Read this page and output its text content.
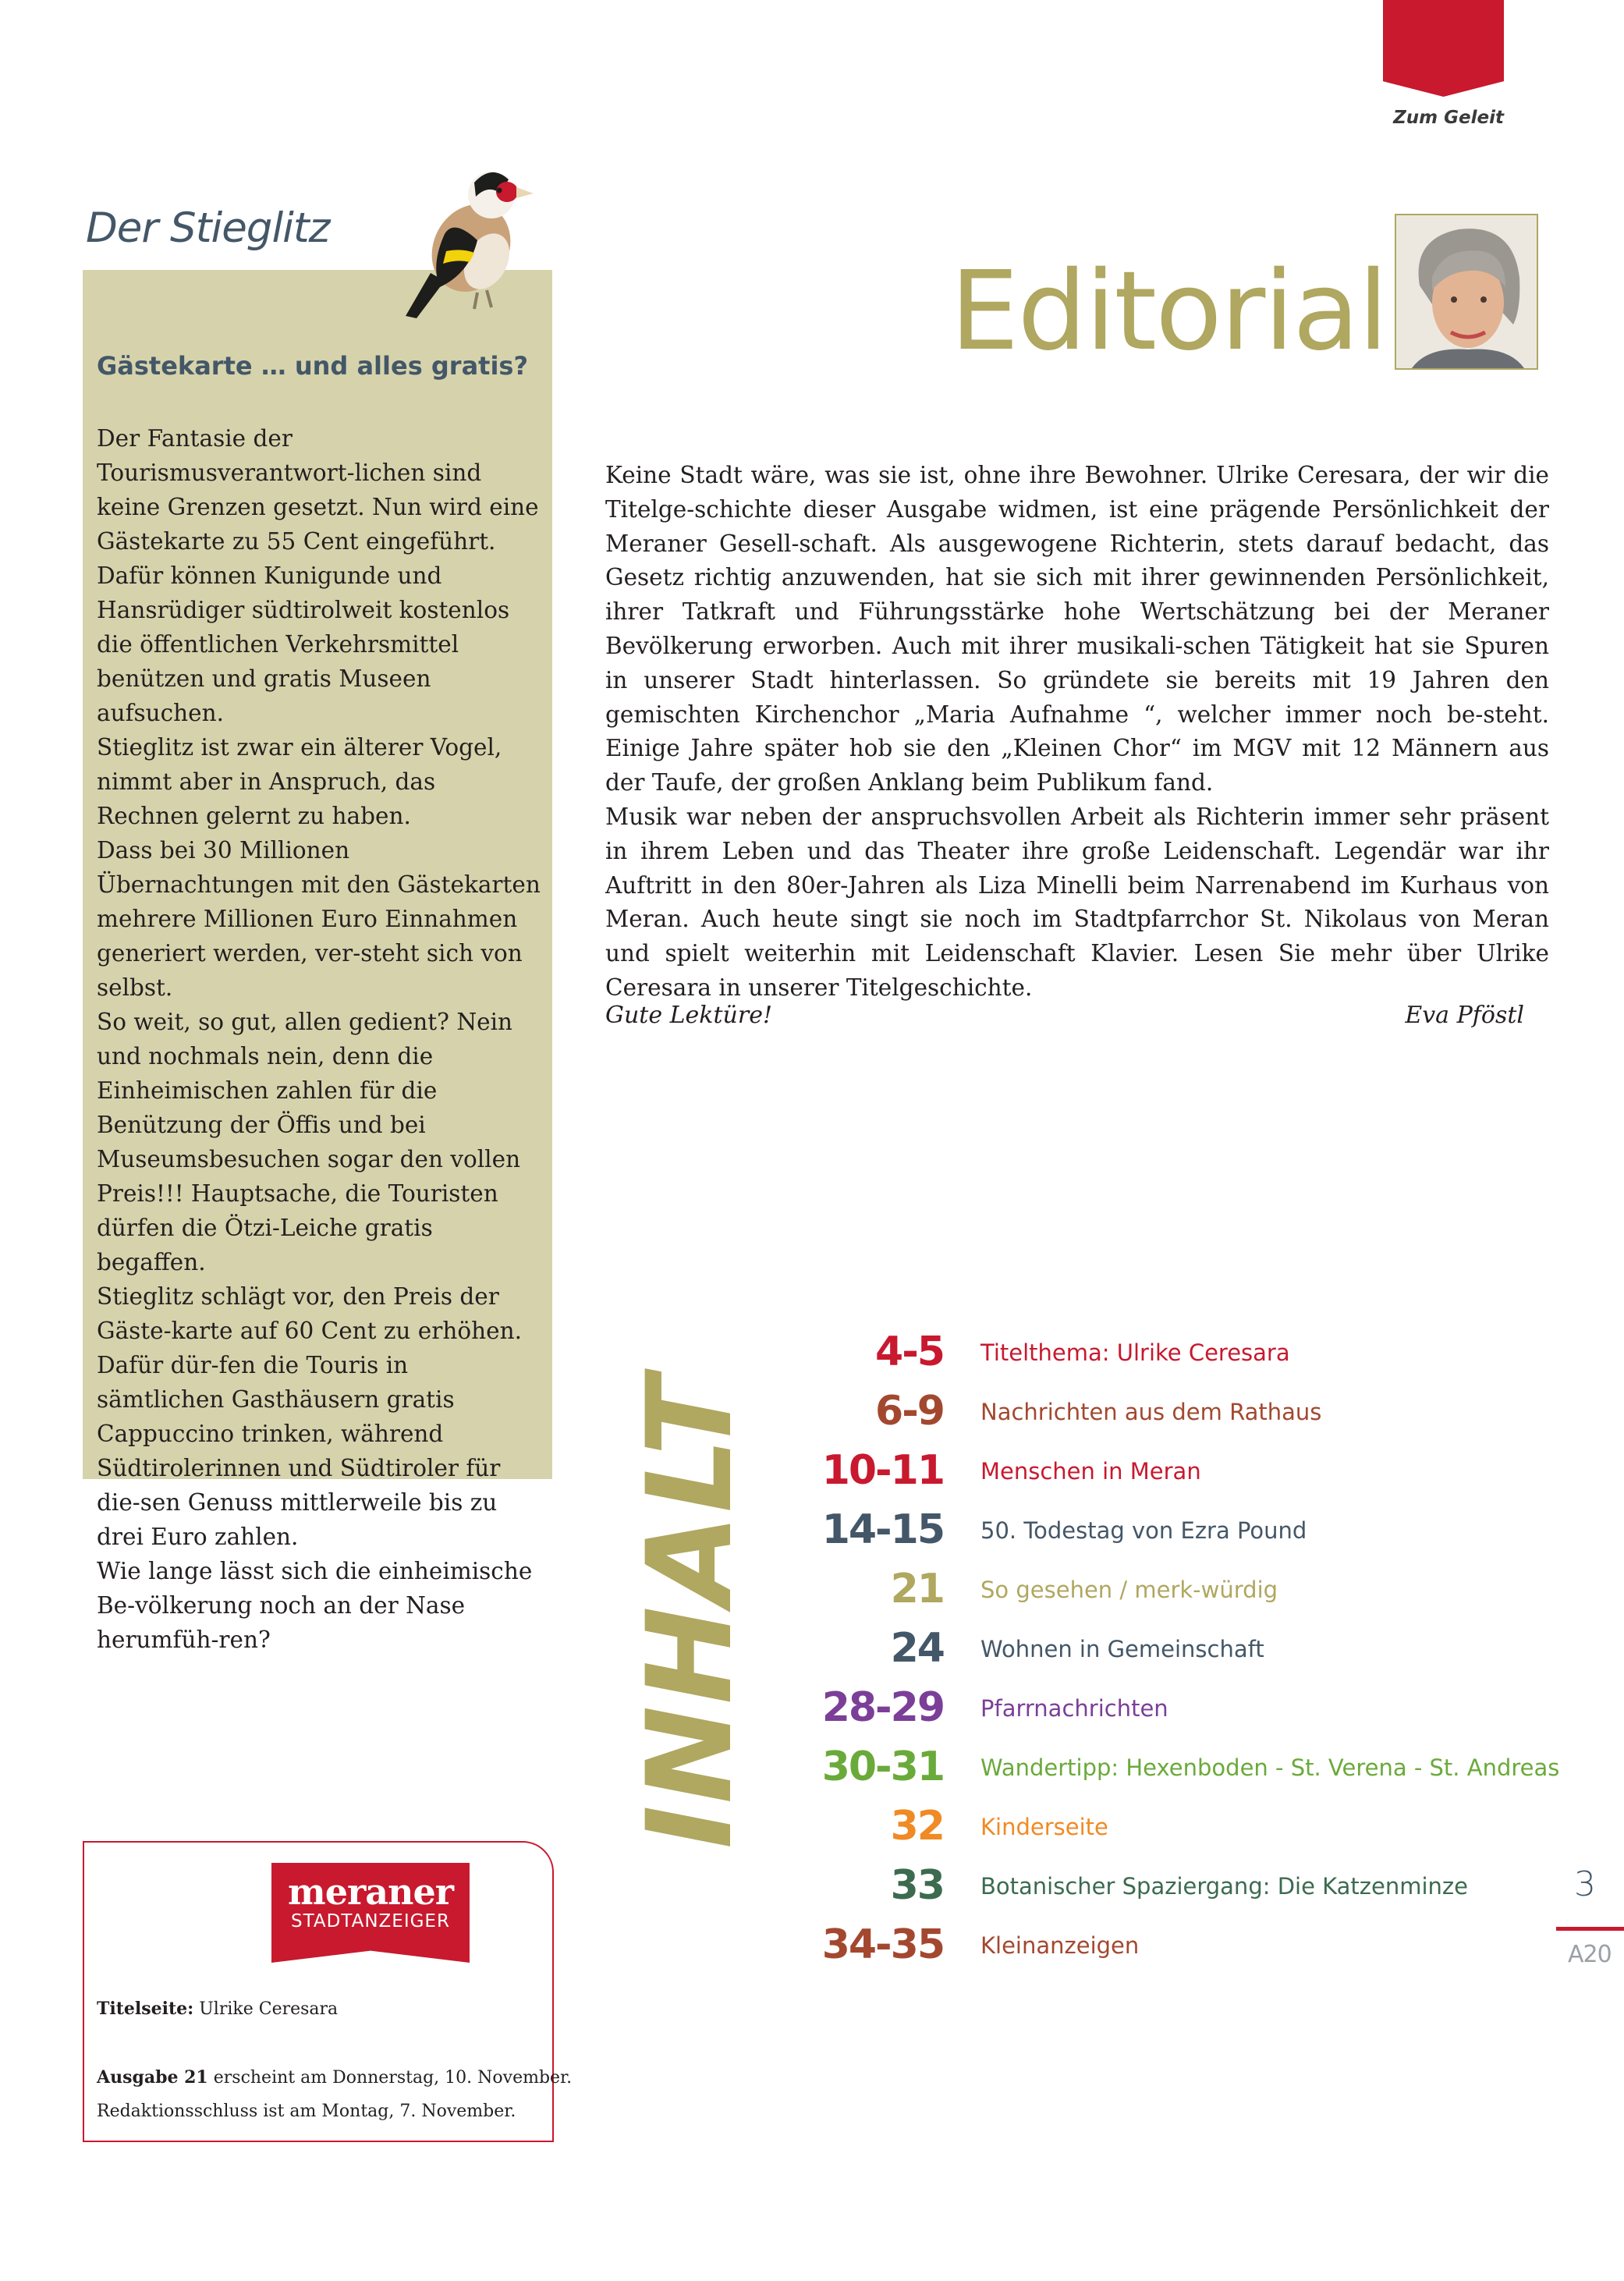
Zum Geleit
Der Stieglitz
Gästekarte … und alles gratis?

Der Fantasie der Tourismusverantwort-lichen sind keine Grenzen gesetzt. Nun wird eine Gästekarte zu 55 Cent eingeführt. Dafür können Kunigunde und Hansrüdiger südtirolweit kostenlos die öffentlichen Verkehrsmittel benützen und gratis Museen aufsuchen.

Stieglitz ist zwar ein älterer Vogel, nimmt aber in Anspruch, das Rechnen gelernt zu haben.

Dass bei 30 Millionen Übernachtungen mit den Gästekarten mehrere Millionen Euro Einnahmen generiert werden, ver-steht sich von selbst.

So weit, so gut, allen gedient? Nein und nochmals nein, denn die Einheimischen zahlen für die Benützung der Öffis und bei Museumsbesuchen sogar den vollen Preis!!! Hauptsache, die Touristen dürfen die Ötzi-Leiche gratis begaffen.

Stieglitz schlägt vor, den Preis der Gäste-karte auf 60 Cent zu erhöhen. Dafür dür-fen die Touris in sämtlichen Gasthäusern gratis Cappuccino trinken, während Südtirolerinnen und Südtiroler für die-sen Genuss mittlerweile bis zu drei Euro zahlen.

Wie lange lässt sich die einheimische Be-völkerung noch an der Nase herumfüh-ren?

Editorial

Keine Stadt wäre, was sie ist, ohne ihre Bewohner. Ulrike Ceresara, der wir die Titelge-schichte dieser Ausgabe widmen, ist eine prägende Persönlichkeit der Meraner Gesell-schaft. Als ausgewogene Richterin, stets darauf bedacht, das Gesetz richtig anzuwenden, hat sie sich mit ihrer gewinnenden Persönlichkeit, ihrer Tatkraft und Führungsstärke hohe Wertschätzung bei der Meraner Bevölkerung erworben. Auch mit ihrer musikali-schen Tätigkeit hat sie Spuren in unserer Stadt hinterlassen. So gründete sie bereits mit 19 Jahren den gemischten Kirchenchor „Maria Aufnahme “, welcher immer noch be-steht. Einige Jahre später hob sie den „Kleinen Chor“ im MGV mit 12 Männern aus der Taufe, der großen Anklang beim Publikum fand.

Musik war neben der anspruchsvollen Arbeit als Richterin immer sehr präsent in ihrem Leben und das Theater ihre große Leidenschaft. Legendär war ihr Auftritt in den 80er-Jahren als Liza Minelli beim Narrenabend im Kurhaus von Meran. Auch heute singt sie noch im Stadtpfarrchor St. Nikolaus von Meran und spielt weiterhin mit Leidenschaft Klavier. Lesen Sie mehr über Ulrike Ceresara in unserer Titelgeschichte.

Gute Lektüre!	Eva Pföstl
INHALT
4-5 Titelthema: Ulrike Ceresara
6-9 Nachrichten aus dem Rathaus
10-11 Menschen in Meran
14-15 50. Todestag von Ezra Pound
21 So gesehen / merk-würdig
24 Wohnen in Gemeinschaft
28-29 Pfarrnachrichten
30-31 Wandertipp: Hexenboden - St. Verena - St. Andreas
32 Kinderseite
33 Botanischer Spaziergang: Die Katzenminze
34-35 Kleinanzeigen
3
A20
meraner
STADTANZEIGER
Titelseite: Ulrike Ceresara
Ausgabe 21 erscheint am Donnerstag, 10. November.
Redaktionsschluss ist am Montag, 7. November.
